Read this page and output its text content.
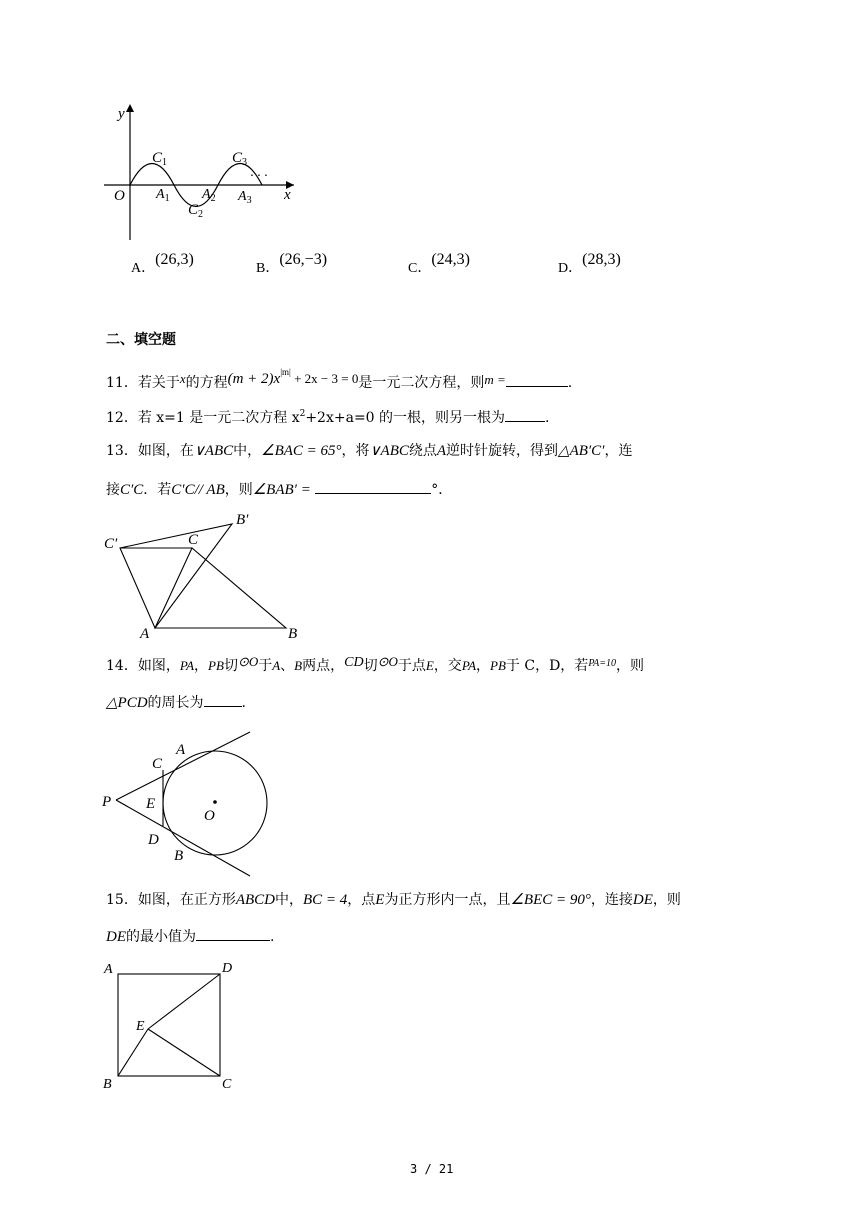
y
x
O
$C_1$
$C_2$
$C_3$
$A_1$ $A_2$ $A_3$
· · ·
A．(26,3)
B．(26,−3)
C．(24,3)
D．(28,3)
二、填空题
11．若关于x的方程$(m + 2)x^{|m|} + 2x - 3 = 0$是一元二次方程，则m =	.
12．若 x=1 是一元二次方程 $x^2+2x+a=0$ 的一根，则另一根为	.
13．如图，在∨ABC中，∠BAC = 65°，将∨ABC绕点A逆时针旋转，得到△AB′C′，连
接C′C．若C′C// AB，则∠BAB′ =	°．
C′	C
B′
A	B
14．如图，PA，PB切⊙O于A、B两点，CD切⊙O于点E，交PA，PB于 C，D，若$^{PA=10}$，则
△PCD的周长为	.
A
C
P E
O
D
B
15．如图，在正方形ABCD中，BC = 4，点E为正方形内一点，且∠BEC = 90°，连接DE，则
DE的最小值为	.
A	D
E
B	C
3 / 21
